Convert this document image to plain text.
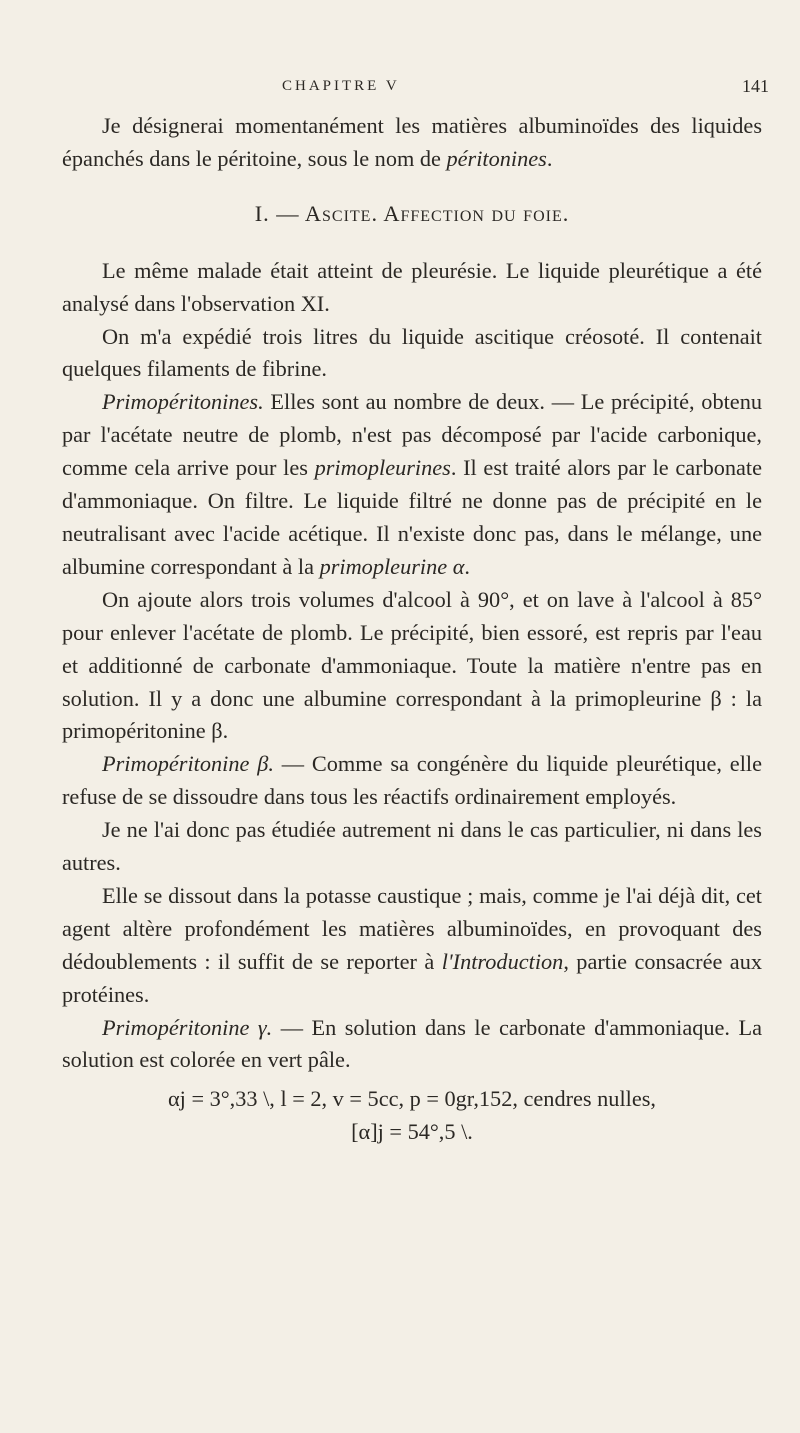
CHAPITRE V	141

Je désignerai momentanément les matières albuminoïdes des liquides épanchés dans le péritoine, sous le nom de péritonines.

I. — Ascite. Affection du foie.

Le même malade était atteint de pleurésie. Le liquide pleurétique a été analysé dans l'observation XI.

On m'a expédié trois litres du liquide ascitique créosoté. Il contenait quelques filaments de fibrine.

Primopéritonines. Elles sont au nombre de deux. — Le précipité, obtenu par l'acétate neutre de plomb, n'est pas décomposé par l'acide carbonique, comme cela arrive pour les primopleurines. Il est traité alors par le carbonate d'ammoniaque. On filtre. Le liquide filtré ne donne pas de précipité en le neutralisant avec l'acide acétique. Il n'existe donc pas, dans le mélange, une albumine correspondant à la primopleurine α.

On ajoute alors trois volumes d'alcool à 90°, et on lave à l'alcool à 85° pour enlever l'acétate de plomb. Le précipité, bien essoré, est repris par l'eau et additionné de carbonate d'ammoniaque. Toute la matière n'entre pas en solution. Il y a donc une albumine correspondant à la primopleurine β : la primopéritonine β.

Primopéritonine β. — Comme sa congénère du liquide pleurétique, elle refuse de se dissoudre dans tous les réactifs ordinairement employés.

Je ne l'ai donc pas étudiée autrement ni dans le cas particulier, ni dans les autres.

Elle se dissout dans la potasse caustique ; mais, comme je l'ai déjà dit, cet agent altère profondément les matières albuminoïdes, en provoquant des dédoublements : il suffit de se reporter à l'Introduction, partie consacrée aux protéines.

Primopéritonine γ. — En solution dans le carbonate d'ammoniaque. La solution est colorée en vert pâle.

αj = 3°,33 \, l = 2, v = 5cc, p = 0gr,152, cendres nulles,
[α]j = 54°,5 \.
